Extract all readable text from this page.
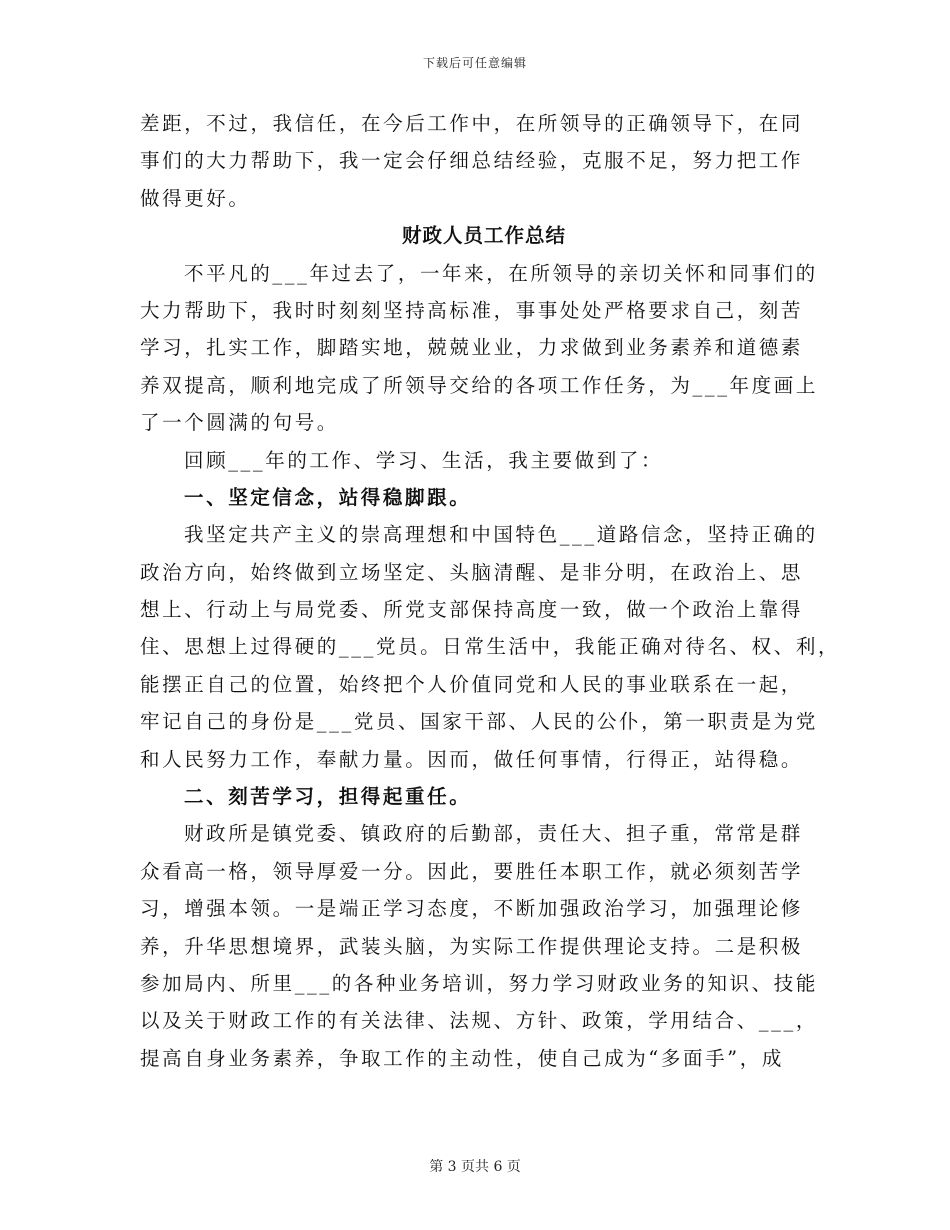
下载后可任意编辑
差距，不过，我信任，在今后工作中，在所领导的正确领导下，在同
事们的大力帮助下，我一定会仔细总结经验，克服不足，努力把工作
做得更好。
财政人员工作总结
不平凡的___年过去了，一年来，在所领导的亲切关怀和同事们的
大力帮助下，我时时刻刻坚持高标准，事事处处严格要求自己，刻苦
学习，扎实工作，脚踏实地，兢兢业业，力求做到业务素养和道德素
养双提高，顺利地完成了所领导交给的各项工作任务，为___年度画上
了一个圆满的句号。
回顾___年的工作、学习、生活，我主要做到了：
一、坚定信念，站得稳脚跟。
我坚定共产主义的崇高理想和中国特色___道路信念，坚持正确的
政治方向，始终做到立场坚定、头脑清醒、是非分明，在政治上、思
想上、行动上与局党委、所党支部保持高度一致，做一个政治上靠得
住、思想上过得硬的___党员。日常生活中，我能正确对待名、权、利，
能摆正自己的位置，始终把个人价值同党和人民的事业联系在一起，
牢记自己的身份是___党员、国家干部、人民的公仆，第一职责是为党
和人民努力工作，奉献力量。因而，做任何事情，行得正，站得稳。
二、刻苦学习，担得起重任。
财政所是镇党委、镇政府的后勤部，责任大、担子重，常常是群
众看高一格，领导厚爱一分。因此，要胜任本职工作，就必须刻苦学
习，增强本领。一是端正学习态度，不断加强政治学习，加强理论修
养，升华思想境界，武装头脑，为实际工作提供理论支持。二是积极
参加局内、所里___的各种业务培训，努力学习财政业务的知识、技能
以及关于财政工作的有关法律、法规、方针、政策，学用结合、___，
提高自身业务素养，争取工作的主动性，使自己成为“多面手”，成
第 3 页共 6 页
